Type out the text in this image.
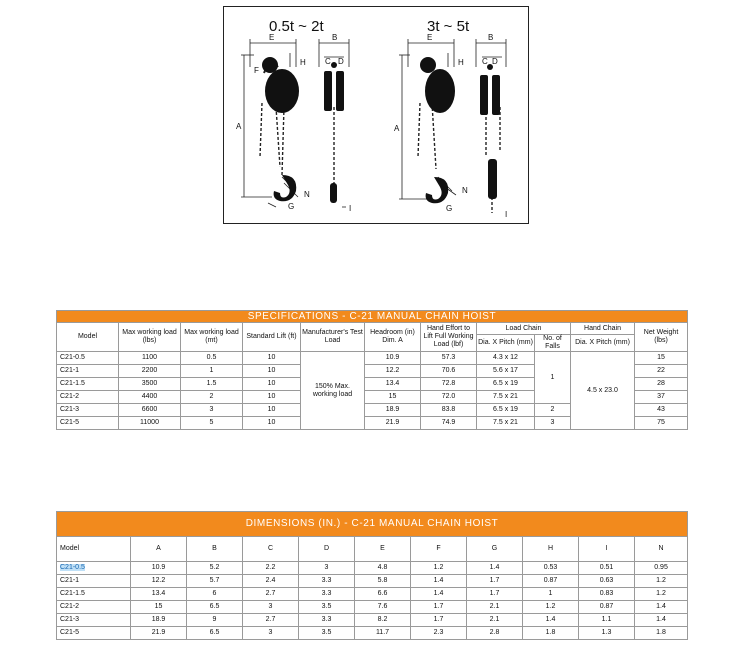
0.5t ~ 2t	3t ~ 5t
E
H
F
A
N
G
B
C D
I
E
H
A
N
G
B
C D
I
SPECIFICATIONS - C-21 MANUAL CHAIN HOIST										
Model	Max working load (lbs)	Max working load (mt)	Standard Lift (ft)	Manufacturer's Test Load	Headroom (in) Dim. A	Hand Effort to Lift Full Working Load (lbf)	Load Chain		Hand Chain	Net Weight (lbs)
							Dia. X Pitch (mm)	No. of Falls	Dia. X Pitch (mm)	
C21-0.5	1100	0.5	10	150% Max. working load	10.9	57.3	4.3 x 12	1	4.5 x 23.0	15
C21-1	2200	1	10		12.2	70.6	5.6 x 17			22
C21-1.5	3500	1.5	10		13.4	72.8	6.5 x 19			28
C21-2	4400	2	10		15	72.0	7.5 x 21			37
C21-3	6600	3	10		18.9	83.8	6.5 x 19	2		43
C21-5	11000	5	10		21.9	74.9	7.5 x 21	3		75
DIMENSIONS (IN.) - C-21 MANUAL CHAIN HOIST										
Model	A	B	C	D	E	F	G	H	I	N
C21-0.5	10.9	5.2	2.2	3	4.8	1.2	1.4	0.53	0.51	0.95
C21-1	12.2	5.7	2.4	3.3	5.8	1.4	1.7	0.87	0.63	1.2
C21-1.5	13.4	6	2.7	3.3	6.6	1.4	1.7	1	0.83	1.2
C21-2	15	6.5	3	3.5	7.6	1.7	2.1	1.2	0.87	1.4
C21-3	18.9	9	2.7	3.3	8.2	1.7	2.1	1.4	1.1	1.4
C21-5	21.9	6.5	3	3.5	11.7	2.3	2.8	1.8	1.3	1.8
